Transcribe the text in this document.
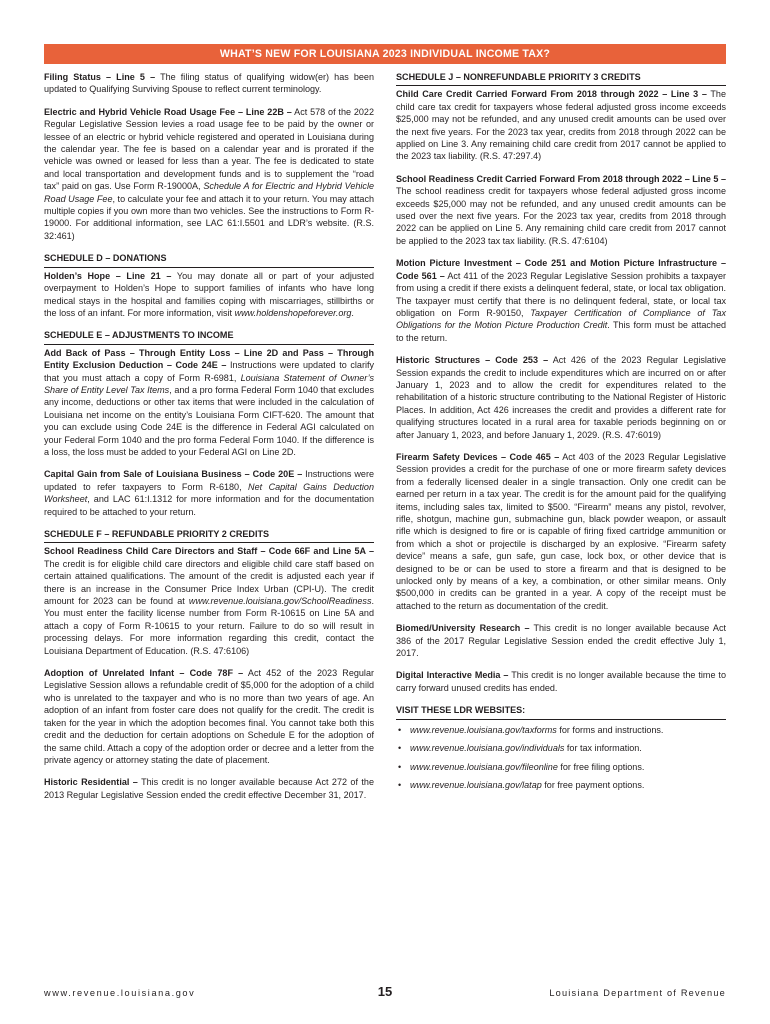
WHAT’S NEW FOR LOUISIANA 2023 INDIVIDUAL INCOME TAX?

Filing Status – Line 5 – The filing status of qualifying widow(er) has been updated to Qualifying Surviving Spouse to reflect current terminology.

Electric and Hybrid Vehicle Road Usage Fee – Line 22B – Act 578 of the 2022 Regular Legislative Session levies a road usage fee to be paid by the owner or lessee of an electric or hybrid vehicle registered and operated in Louisiana during the calendar year. The fee is based on a calendar year and is prorated if the vehicle was owned or leased for less than a year. The fee is dedicated to state and local transportation and development funds and is to supplement the “road tax” paid on gas. Use Form R-19000A, Schedule A for Electric and Hybrid Vehicle Road Usage Fee, to calculate your fee and attach it to your return. You may attach multiple copies if you own more than two vehicles. See the instructions to Form R-19000. For additional information, see LAC 61:I.5501 and LDR’s website. (R.S. 32:461)

SCHEDULE D – DONATIONS

Holden’s Hope – Line 21 – You may donate all or part of your adjusted overpayment to Holden’s Hope to support families of infants who have long medical stays in the hospital and families coping with miscarriages, stillbirths or the loss of an infant. For more information, visit www.holdenshopeforever.org.

SCHEDULE E – ADJUSTMENTS TO INCOME

Add Back of Pass – Through Entity Loss – Line 2D and Pass – Through Entity Exclusion Deduction – Code 24E – Instructions were updated to clarify that you must attach a copy of Form R-6981, Louisiana Statement of Owner’s Share of Entity Level Tax Items, and a pro forma Federal Form 1040 that excludes any income, deductions or other tax items that were included in the calculation of Louisiana net income on the entity’s Louisiana Form CIFT-620. The amount that you can exclude using Code 24E is the difference in Federal AGI calculated on your Federal Form 1040 and the pro forma Federal Form 1040. If the difference is a loss, the loss must be added to your Federal AGI on Line 2D.

Capital Gain from Sale of Louisiana Business – Code 20E – Instructions were updated to refer taxpayers to Form R-6180, Net Capital Gains Deduction Worksheet, and LAC 61:I.1312 for more information and for the documentation required to be attached to your return.

SCHEDULE F – REFUNDABLE PRIORITY 2 CREDITS

School Readiness Child Care Directors and Staff – Code 66F and Line 5A – The credit is for eligible child care directors and eligible child care staff based on certain attained qualifications. The amount of the credit is adjusted each year if there is an increase in the Consumer Price Index Urban (CPI-U). The credit amount for 2023 can be found at www.revenue.louisiana.gov/SchoolReadiness. You must enter the facility license number from Form R-10615 on Line 5A and attach a copy of Form R-10615 to your return. Failure to do so will result in processing delays. For more information regarding this credit, contact the Louisiana Department of Education. (R.S. 47:6106)

Adoption of Unrelated Infant – Code 78F – Act 452 of the 2023 Regular Legislative Session allows a refundable credit of $5,000 for the adoption of a child who is unrelated to the taxpayer and who is no more than two years of age. An adoption of an infant from foster care does not qualify for the credit. The credit is taken for the year in which the adoption becomes final. You cannot take both this credit and the deduction for certain adoptions on Schedule E for the adoption of the same child. Attach a copy of the adoption order or decree and a letter from the private agency or attorney stating the date of placement.

Historic Residential – This credit is no longer available because Act 272 of the 2013 Regular Legislative Session ended the credit effective December 31, 2017.

SCHEDULE J – NONREFUNDABLE PRIORITY 3 CREDITS

Child Care Credit Carried Forward From 2018 through 2022 – Line 3 – The child care tax credit for taxpayers whose federal adjusted gross income exceeds $25,000 may not be refunded, and any unused credit amounts can be used over the next five years. For the 2023 tax year, credits from 2018 through 2022 can be applied on Line 3. Any remaining child care credit from 2017 cannot be applied to the 2023 tax liability. (R.S. 47:297.4)

School Readiness Credit Carried Forward From 2018 through 2022 – Line 5 – The school readiness credit for taxpayers whose federal adjusted gross income exceeds $25,000 may not be refunded, and any unused credit amounts can be used over the next five years. For the 2023 tax year, credits from 2018 through 2022 can be applied on Line 5. Any remaining child care credit from 2017 cannot be applied to the 2023 tax tax liability. (R.S. 47:6104)

Motion Picture Investment – Code 251 and Motion Picture Infrastructure – Code 561 – Act 411 of the 2023 Regular Legislative Session prohibits a taxpayer from using a credit if there exists a delinquent federal, state, or local tax obligation. The taxpayer must certify that there is no delinquent federal, state, or local tax obligation on Form R-90150, Taxpayer Certification of Compliance of Tax Obligations for the Motion Picture Production Credit. This form must be attached to the return.

Historic Structures – Code 253 – Act 426 of the 2023 Regular Legislative Session expands the credit to include expenditures which are incurred on or after January 1, 2023 and to allow the credit for expenditures related to the rehabilitation of a historic structure contributing to the National Register of Historic Places. In addition, Act 426 increases the credit and provides a different rate for qualifying structures located in a rural area for taxable periods beginning on or after January 1, 2023, and before January 1, 2029. (R.S. 47:6019)

Firearm Safety Devices – Code 465 – Act 403 of the 2023 Regular Legislative Session provides a credit for the purchase of one or more firearm safety devices from a federally licensed dealer in a single transaction. Only one credit can be earned per return in a tax year. The credit is for the amount paid for the qualifying items, including sales tax, limited to $500. “Firearm” means any pistol, revolver, rifle, shotgun, machine gun, submachine gun, black powder weapon, or assault rifle which is designed to fire or is capable of firing fixed cartridge ammunition or from which a shot or projectile is discharged by an explosive. “Firearm safety device” means a safe, gun safe, gun case, lock box, or other device that is designed to be or can be used to store a firearm and that is designed to be unlocked only by means of a key, a combination, or other similar means. Only $500,000 in credits can be granted in a year. A copy of the receipt must be attached to the return as documentation of the credit.

Biomed/University Research – This credit is no longer available because Act 386 of the 2017 Regular Legislative Session ended the credit effective July 1, 2017.

Digital Interactive Media – This credit is no longer available because the time to carry forward unused credits has ended.

VISIT THESE LDR WEBSITES:
• www.revenue.louisiana.gov/taxforms for forms and instructions.
• www.revenue.louisiana.gov/individuals for tax information.
• www.revenue.louisiana.gov/fileonline for free filing options.
• www.revenue.louisiana.gov/latap for free payment options.
www.revenue.louisiana.gov	15	Louisiana Department of Revenue
